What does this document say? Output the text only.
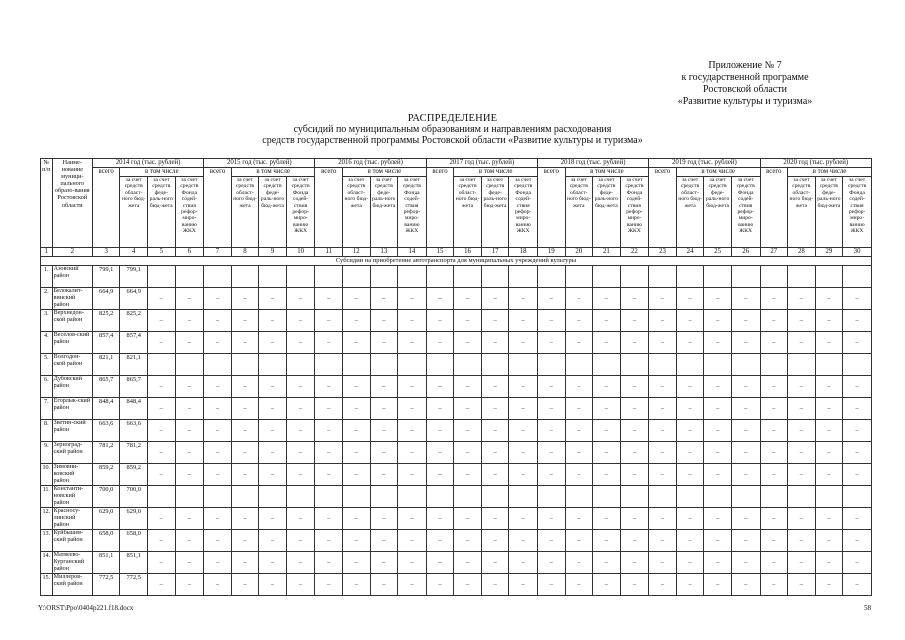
Приложение № 7
к государственной программе
Ростовской области
«Развитие культуры и туризма»
РАСПРЕДЕЛЕНИЕ
субсидий по муниципальным образованиям и направлениям расходования
средств государственной программы Ростовской области «Развитие культуры и туризма»
№ п/п	Наиме-нование муници-пального образо-вания Ростовской области	2014 год (тыс. рублей)				2015 год (тыс. рублей)				2016 год (тыс. рублей)				2017 год (тыс. рублей)				2018 год (тыс. рублей)				2019 год (тыс. рублей)				2020 год (тыс. рублей)			
		всего	в том числе			всего	в том числе			всего	в том числе			всего	в том числе			всего	в том числе			всего	в том числе			всего	в том числе		
			за счет средств област-ного бюд-жета	за счет средств феде-раль-ного бюд-жета	за счет средств Фонда содей-ствия рефор-миро-ванию ЖКХ		за счет средств област-ного бюд-жета	за счет средств феде-раль-ного бюд-жета	за счет средств Фонда содей-ствия рефор-миро-ванию ЖКХ		за счет средств област-ного бюд-жета	за счет средств феде-раль-ного бюд-жета	за счет средств Фонда содей-ствия рефор-миро-ванию ЖКХ		за счет средств област-ного бюд-жета	за счет средств феде-раль-ного бюд-жета	за счет средств Фонда содей-ствия рефор-миро-ванию ЖКХ		за счет средств област-ного бюд-жета	за счет средств феде-раль-ного бюд-жета	за счет средств Фонда содей-ствия рефор-миро-ванию ЖКХ		за счет средств област-ного бюд-жета	за счет средств феде-раль-ного бюд-жета	за счет средств Фонда содей-ствия рефор-миро-ванию ЖКХ		за счет средств област-ного бюд-жета	за счет средств феде-раль-ного бюд-жета	за счет средств Фонда содей-ствия рефор-миро-ванию ЖКХ
1	2	3	4	5	6	7	8	9	10	11	12	13	14	15	16	17	18	19	20	21	22	23	24	25	26	27	28	29	30
Субсидии на приобретение автотранспорта для муниципальных учреждений культуры																													
1.	Азовский район	799,1	799,1																										
2.	Белокалит-винский район	664,9	664,9	–	–	–	–	–	–	–	–	–	–	–	–	–	–	–	–	–	–	–	–	–	–	–	–	–	–
3.	Верхнедон-ской район	825,2	825,2	–	–	–	–	–	–	–	–	–	–	–	–	–	–	–	–	–	–	–	–	–	–	–	–	–	–
4.	Веселов-ский район	857,4	857,4	–	–	–	–	–	–	–	–	–	–	–	–	–	–	–	–	–	–	–	–	–	–	–	–	–	–
5.	Волгодон-ской район	821,1	821,1																										
6.	Дубовский район	865,7	865,7	–	–	–	–	–	–	–	–	–	–	–	–	–	–	–	–	–	–	–	–	–	–	–	–	–	–
7.	Егорлык-ский район	848,4	848,4	–	–	–	–	–	–	–	–	–	–	–	–	–	–	–	–	–	–	–	–	–	–	–	–	–	–
8.	Зветин-ский район	663,6	663,6	–	–	–	–	–	–	–	–	–	–	–	–	–	–	–	–	–	–	–	–	–	–	–	–	–	–
9.	Зерноград-ский район	781,2	781,2	–	–	–	–	–	–	–	–	–	–	–	–	–	–	–	–	–	–	–	–	–	–	–	–	–	–
10.	Зимовни-ковский район	859,2	859,2	–	–	–	–	–	–	–	–	–	–	–	–	–	–	–	–	–	–	–	–	–	–	–	–	–	–
11.	Константи-новский район	700,0	700,0																										
12.	Красносу-линский район	629,0	629,0	–	–	–	–	–	–	–	–	–	–	–	–	–	–	–	–	–	–	–	–	–	–	–	–	–	–
13.	Куйбышев-ский район	658,0	658,0	–	–	–	–	–	–	–	–	–	–	–	–	–	–	–	–	–	–	–	–	–	–	–	–	–	–
14.	Матвеево-Курганский район	851,1	851,1	–	–	–	–	–	–	–	–	–	–	–	–	–	–	–	–	–	–	–	–	–	–	–	–	–	–
15.	Миллеров-ский район	772,5	772,5	–	–	–	–	–	–	–	–	–	–	–	–	–	–	–	–	–	–	–	–	–	–	–	–	–	–
Y:\ORST\Ppo\0404p221.f18.docx	58
